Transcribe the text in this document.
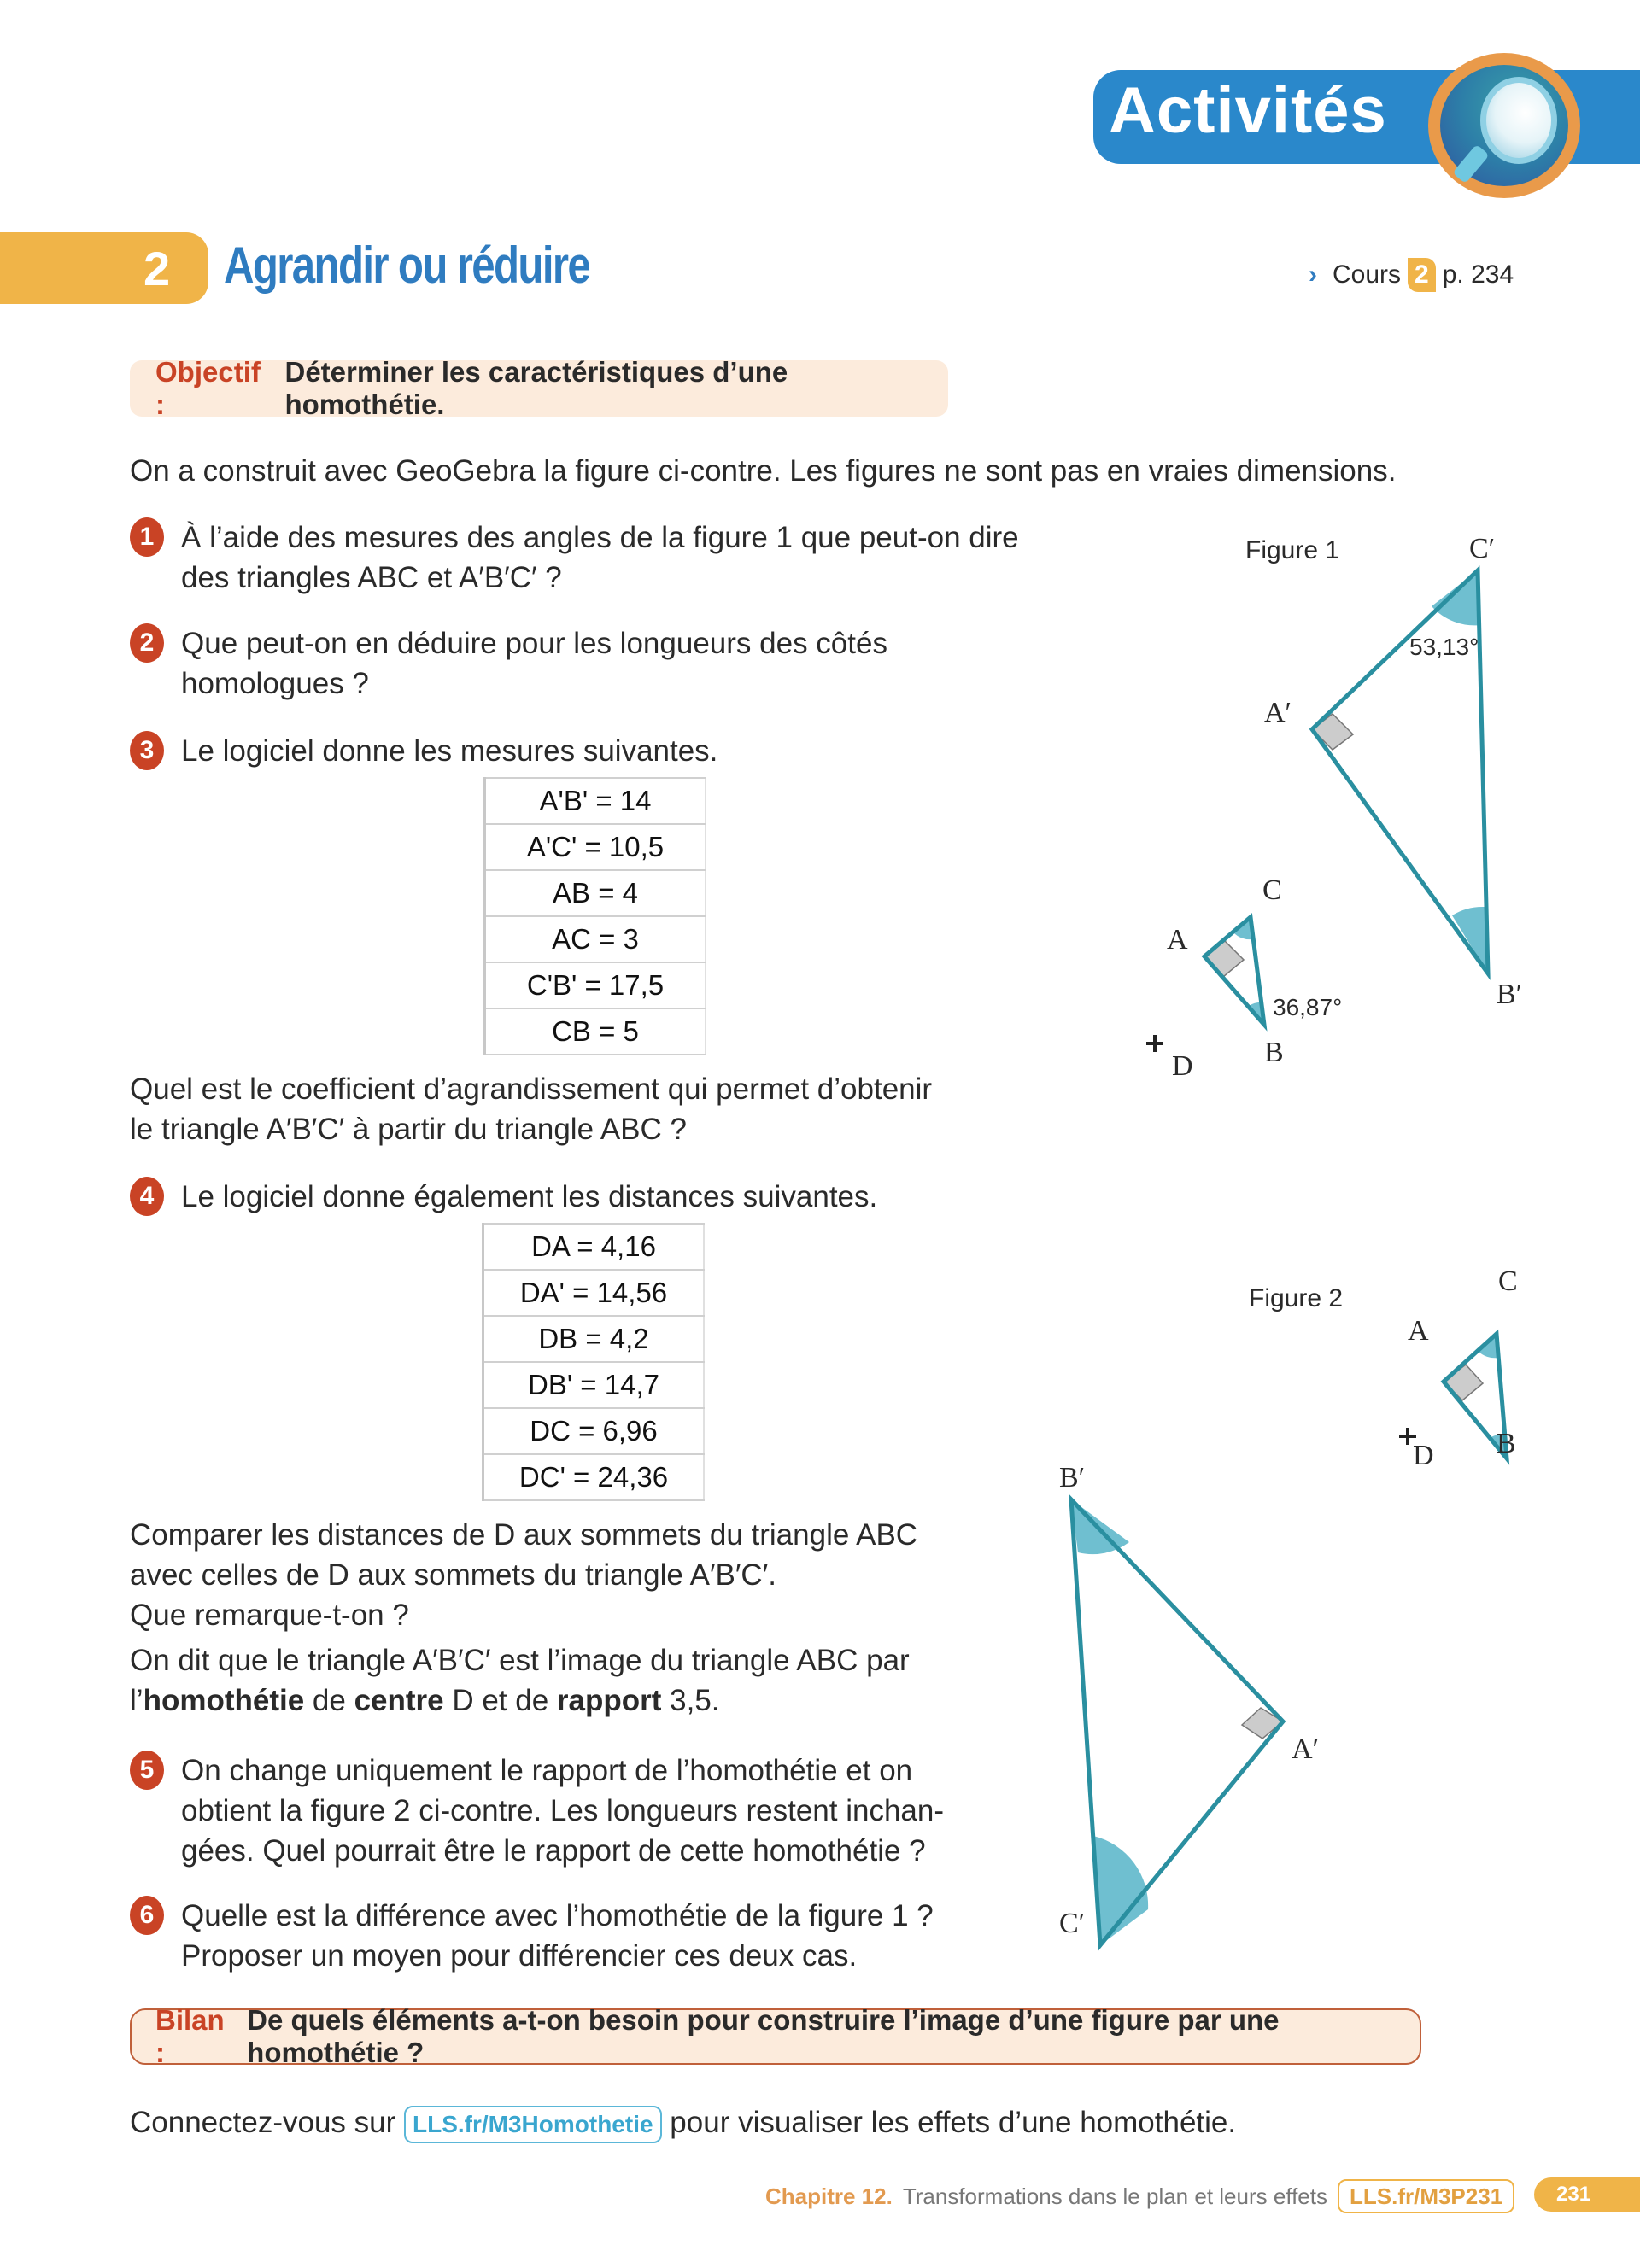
Activités
2 Agrandir ou réduire	› Cours 2 p. 234
Objectif :
Déterminer les caractéristiques d’une homothétie.
On a construit avec GeoGebra la figure ci-contre. Les figures ne sont pas en vraies dimensions.
1 À l’aide des mesures des angles de la figure 1 que peut-on dire
des triangles ABC et A′B′C′ ?
2 Que peut-on en déduire pour les longueurs des côtés
homologues ?
3 Le logiciel donne les mesures suivantes.
A'B' = 14
A'C' = 10,5
AB = 4
AC = 3
C'B' = 17,5
CB = 5
Quel est le coefficient d’agrandissement qui permet d’obtenir
le triangle A′B′C′ à partir du triangle ABC ?
4 Le logiciel donne également les distances suivantes.
DA = 4,16
DA' = 14,56
DB = 4,2
DB' = 14,7
DC = 6,96
DC' = 24,36
Comparer les distances de D aux sommets du triangle ABC
avec celles de D aux sommets du triangle A′B′C′.
Que remarque-t-on ?
On dit que le triangle A′B′C′ est l’image du triangle ABC par
l’homothétie de centre D et de rapport 3,5.
5 On change uniquement le rapport de l’homothétie et on
obtient la figure 2 ci-contre. Les longueurs restent inchan-
gées. Quel pourrait être le rapport de cette homothétie ?
6 Quelle est la différence avec l’homothétie de la figure 1 ?
Proposer un moyen pour différencier ces deux cas.
Figure 1	C′
53,13°
A′
C
A
36,87°	B′
B
D
Figure 2
C
A
B
D
B′
A′
C′
Bilan :
De quels éléments a-t-on besoin pour construire l’image d’une figure par une homothétie ?
Connectez-vous sur LLS.fr/M3Homothetie pour visualiser les effets d’une homothétie.
Chapitre 12. Transformations dans le plan et leurs effets	LLS.fr/M3P231	231
